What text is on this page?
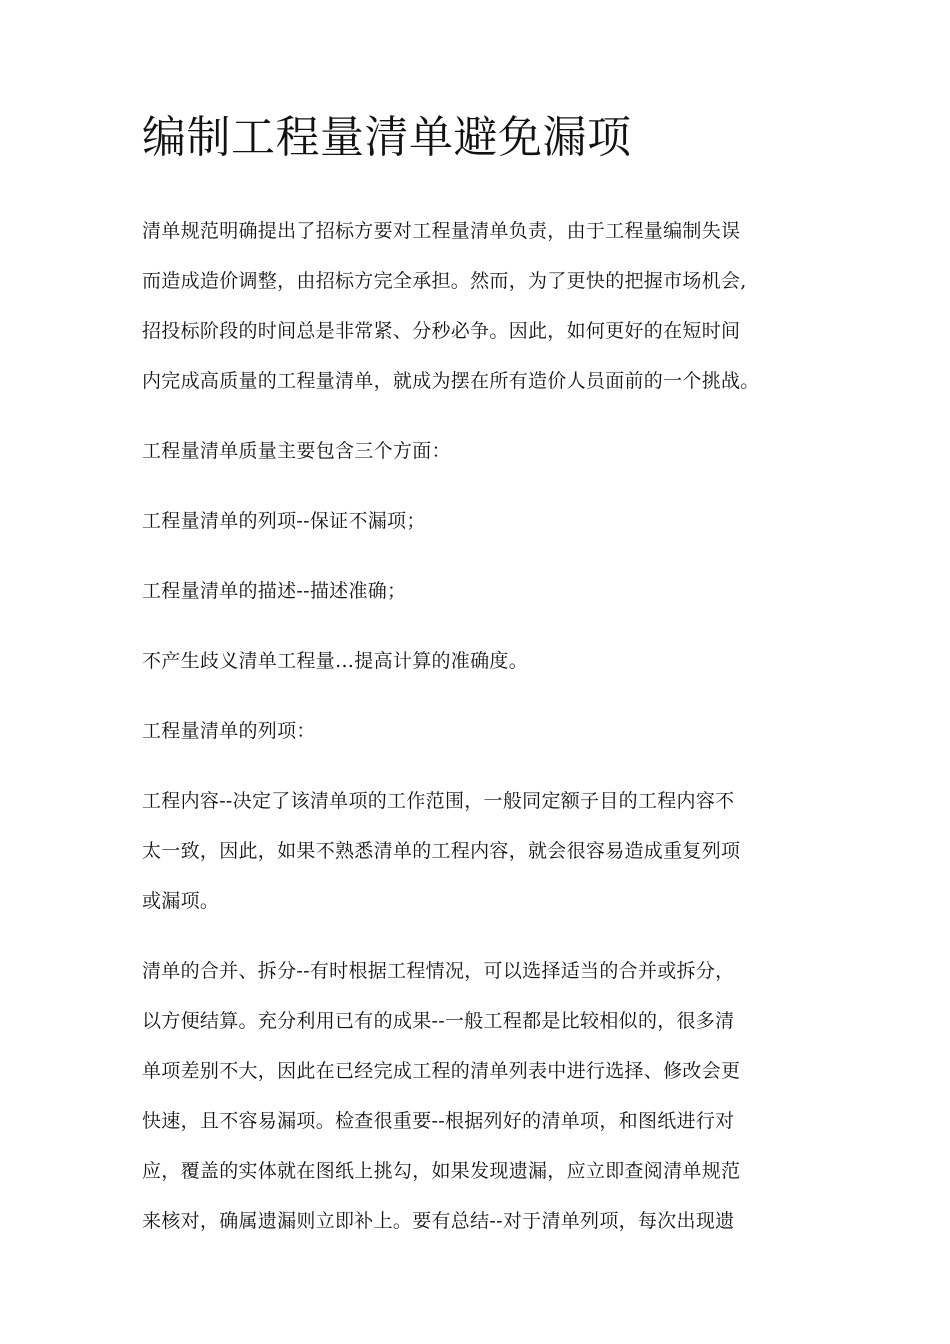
编制工程量清单避免漏项
清单规范明确提出了招标方要对工程量清单负责，由于工程量编制失误
而造成造价调整，由招标方完全承担。然而，为了更快的把握市场机会,
招投标阶段的时间总是非常紧、分秒必争。因此，如何更好的在短时间
内完成高质量的工程量清单，就成为摆在所有造价人员面前的一个挑战。
工程量清单质量主要包含三个方面：
工程量清单的列项--保证不漏项；
工程量清单的描述--描述准确；
不产生歧义清单工程量…提高计算的准确度。
工程量清单的列项：
工程内容--决定了该清单项的工作范围，一般同定额子目的工程内容不
太一致，因此，如果不熟悉清单的工程内容，就会很容易造成重复列项
或漏项。
清单的合并、拆分--有时根据工程情况，可以选择适当的合并或拆分，
以方便结算。充分利用已有的成果--一般工程都是比较相似的，很多清
单项差别不大，因此在已经完成工程的清单列表中进行选择、修改会更
快速，且不容易漏项。检查很重要--根据列好的清单项，和图纸进行对
应，覆盖的实体就在图纸上挑勾，如果发现遗漏，应立即查阅清单规范
来核对，确属遗漏则立即补上。要有总结--对于清单列项，每次出现遗
